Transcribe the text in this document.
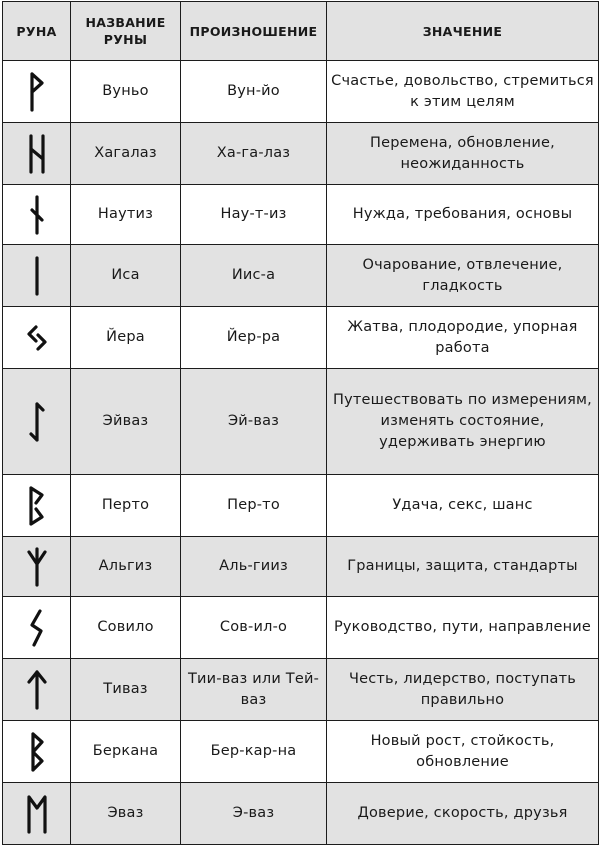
РУНА	НАЗВАНИЕ РУНЫ	ПРОИЗНОШЕНИЕ	ЗНАЧЕНИЕ

	Вуньо	Вун-йо	Счастье, довольство, стремиться к этим целям

	Хагалаз	Ха-га-лаз	Перемена, обновление, неожиданность

	Наутиз	Нау-т-из	Нужда, требования, основы

	Иса	Иис-а	Очарование, отвлечение, гладкость

	Йера	Йер-ра	Жатва, плодородие, упорная работа

	Эйваз	Эй-ваз	Путешествовать по измерениям, изменять состояние, удерживать энергию

	Перто	Пер-то	Удача, секс, шанс

	Альгиз	Аль-гииз	Границы, защита, стандарты

	Совило	Сов-ил-о	Руководство, пути, направление

	Тиваз	Тии-ваз или Тей-ваз	Честь, лидерство, поступать правильно

	Беркана	Бер-кар-на	Новый рост, стойкость, обновление

	Эваз	Э-ваз	Доверие, скорость, друзья
